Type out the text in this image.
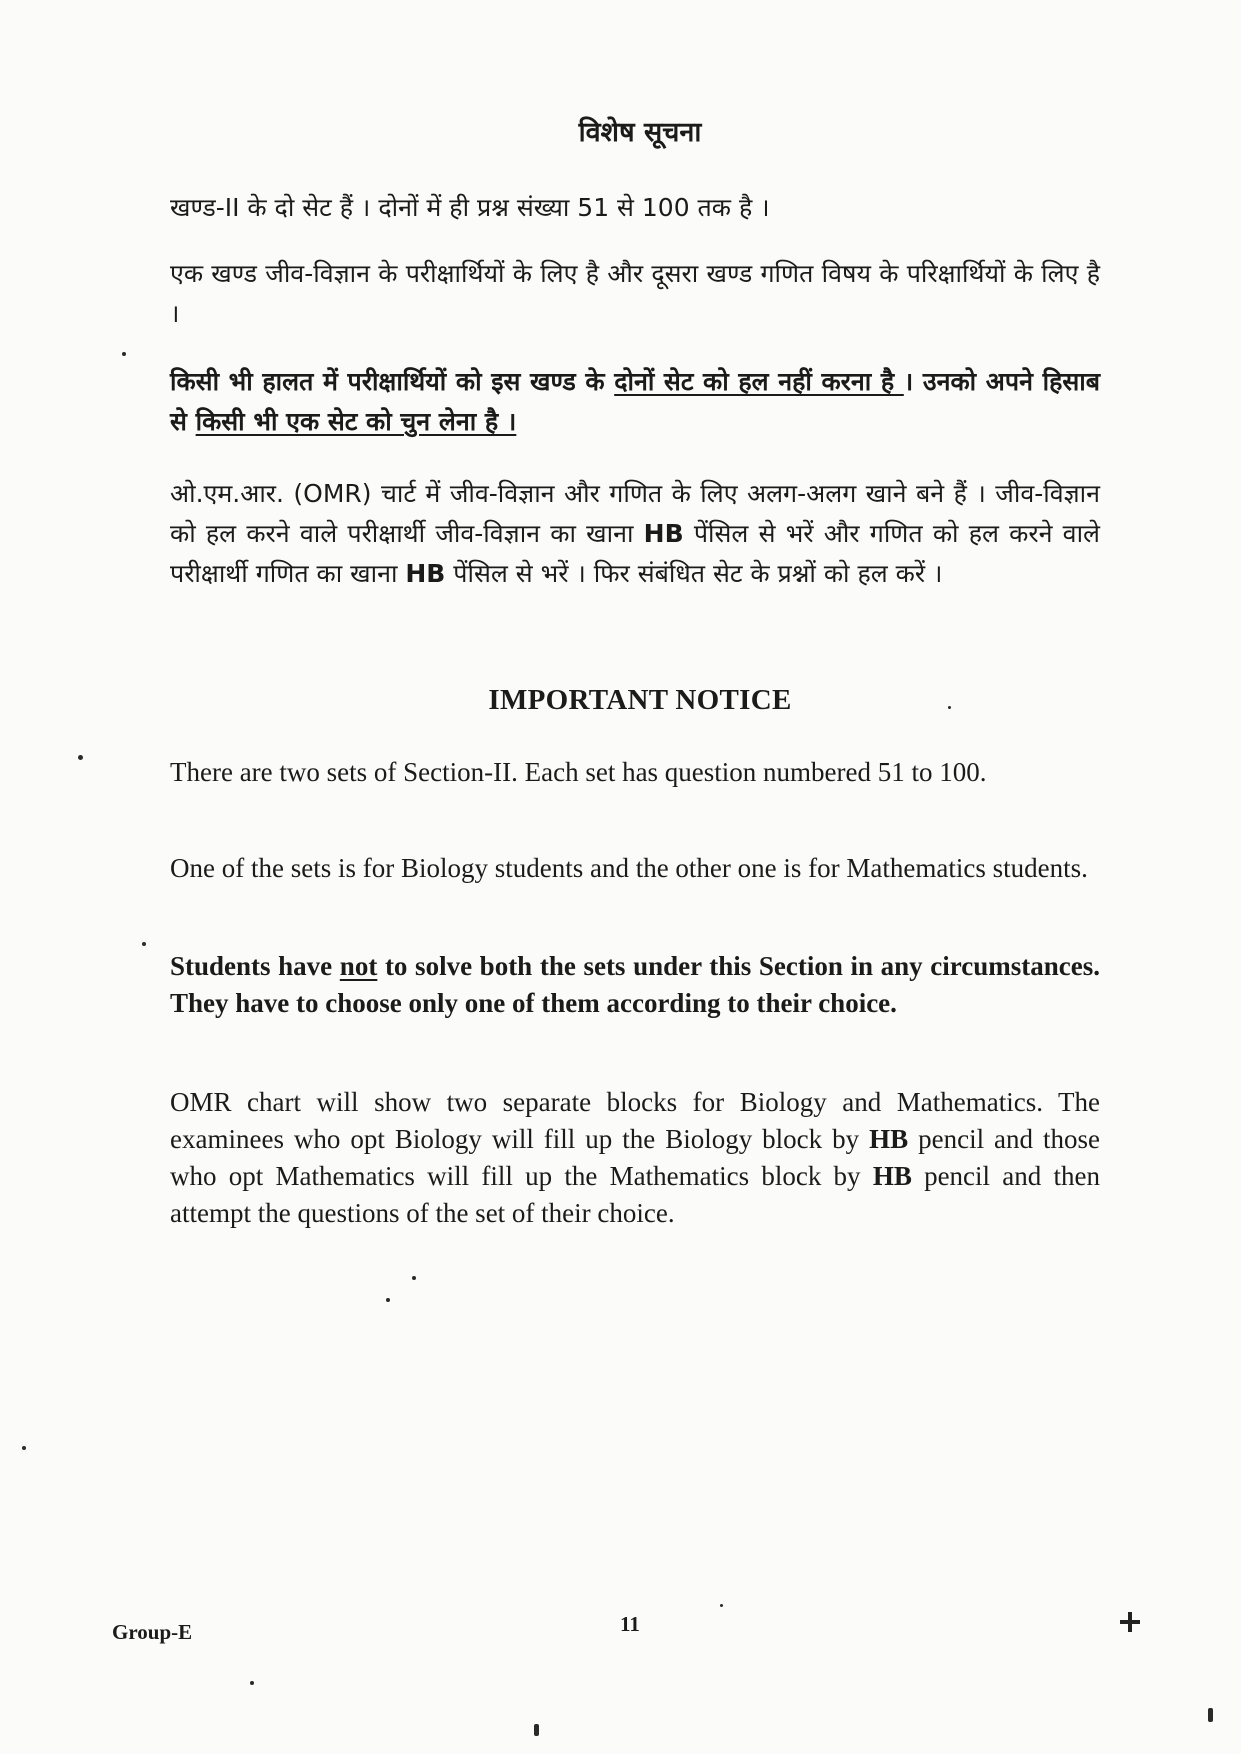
विशेष सूचना

खण्ड-II के दो सेट हैं । दोनों में ही प्रश्न संख्या 51 से 100 तक है ।

एक खण्ड जीव-विज्ञान के परीक्षार्थियों के लिए है और दूसरा खण्ड गणित विषय के परिक्षार्थियों के लिए है ।

किसी भी हालत में परीक्षार्थियों को इस खण्ड के दोनों सेट को हल नहीं करना है । उनको अपने हिसाब से किसी भी एक सेट को चुन लेना है ।

ओ.एम.आर. (OMR) चार्ट में जीव-विज्ञान और गणित के लिए अलग-अलग खाने बने हैं । जीव-विज्ञान को हल करने वाले परीक्षार्थी जीव-विज्ञान का खाना HB पेंसिल से भरें और गणित को हल करने वाले परीक्षार्थी गणित का खाना HB पेंसिल से भरें । फिर संबंधित सेट के प्रश्नों को हल करें ।

IMPORTANT NOTICE

There are two sets of Section-II. Each set has question numbered 51 to 100.

One of the sets is for Biology students and the other one is for Mathematics students.

Students have not to solve both the sets under this Section in any circumstances. They have to choose only one of them according to their choice.

OMR chart will show two separate blocks for Biology and Mathematics. The examinees who opt Biology will fill up the Biology block by HB pencil and those who opt Mathematics will fill up the Mathematics block by HB pencil and then attempt the questions of the set of their choice.

Group-E	11
